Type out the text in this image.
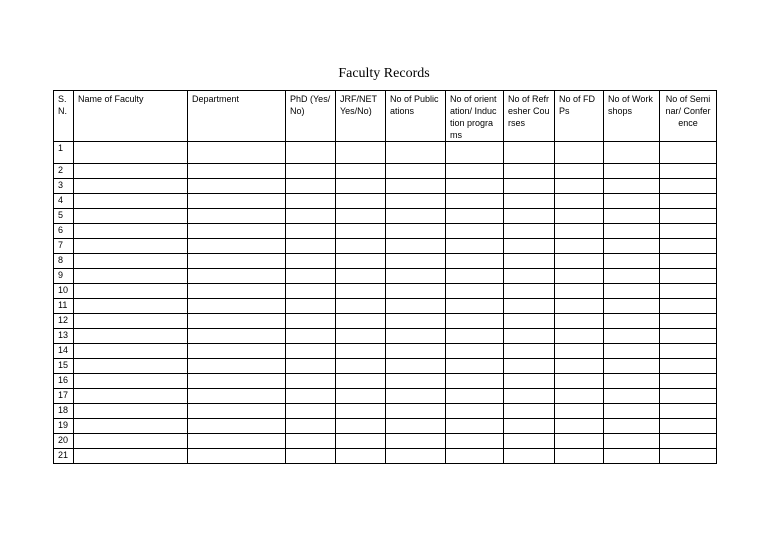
Faculty Records
S. N.	Name of Faculty	Department	PhD (Yes/No)	JRF/NET Yes/No)	No of Publications	No of orientation/ Induction programs	No of Refresher Courses	No of FDPs	No of Workshops	No of Seminar/ Conference
1										
2										
3										
4										
5										
6										
7										
8										
9										
10										
11										
12										
13										
14										
15										
16										
17										
18										
19										
20										
21										
